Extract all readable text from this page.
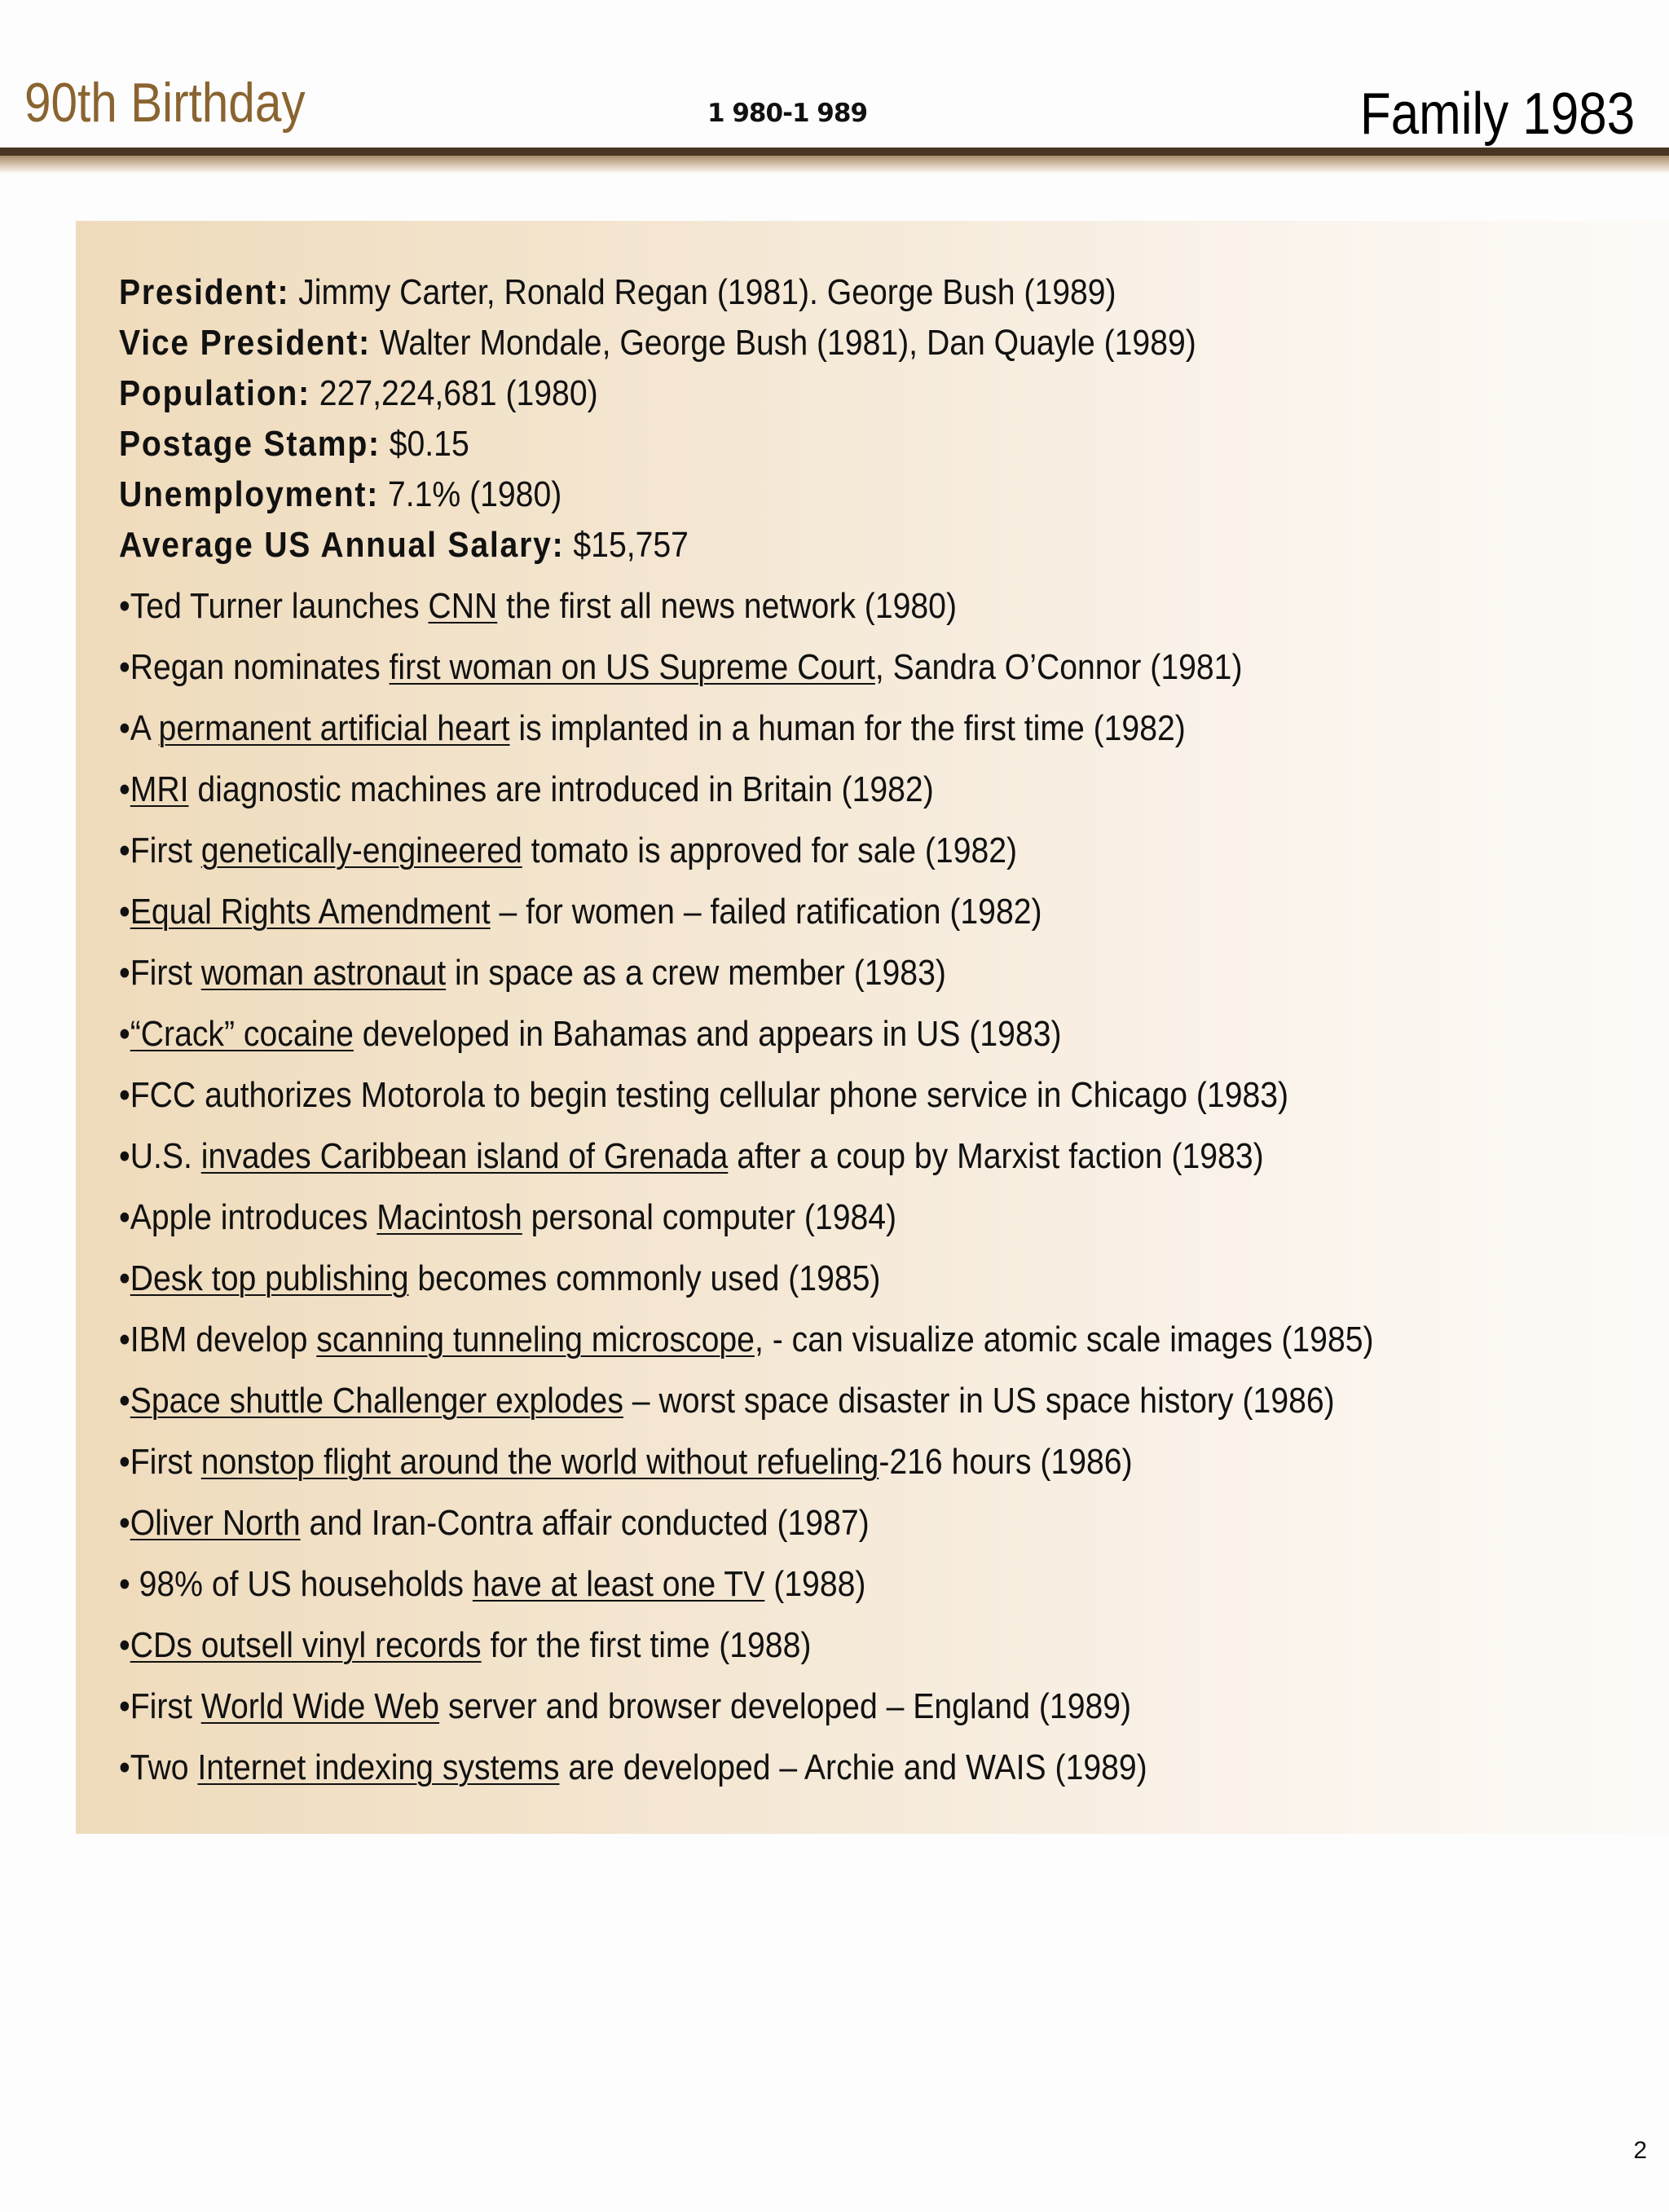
90th Birthday	1 980-1 989	Family 1983
President: Jimmy Carter, Ronald Regan (1981). George Bush (1989)
Vice President: Walter Mondale, George Bush (1981), Dan Quayle (1989)
Population: 227,224,681 (1980)
Postage Stamp: $0.15
Unemployment: 7.1% (1980)
Average US Annual Salary: $15,757
•Ted Turner launches CNN the first all news network (1980)
•Regan nominates first woman on US Supreme Court, Sandra O’Connor (1981)
•A permanent artificial heart is implanted in a human for the first time (1982)
•MRI diagnostic machines are introduced in Britain (1982)
•First genetically-engineered tomato is approved for sale (1982)
•Equal Rights Amendment – for women – failed ratification (1982)
•First woman astronaut in space as a crew member (1983)
•“Crack” cocaine developed in Bahamas and appears in US (1983)
•FCC authorizes Motorola to begin testing cellular phone service in Chicago (1983)
•U.S. invades Caribbean island of Grenada after a coup by Marxist faction (1983)
•Apple introduces Macintosh personal computer (1984)
•Desk top publishing becomes commonly used (1985)
•IBM develop scanning tunneling microscope, - can visualize atomic scale images (1985)
•Space shuttle Challenger explodes – worst space disaster in US space history (1986)
•First nonstop flight around the world without refueling-216 hours (1986)
•Oliver North and Iran-Contra affair conducted (1987)
• 98% of US households have at least one TV (1988)
•CDs outsell vinyl records for the first time (1988)
•First World Wide Web server and browser developed – England (1989)
•Two Internet indexing systems are developed – Archie and WAIS (1989)
2
